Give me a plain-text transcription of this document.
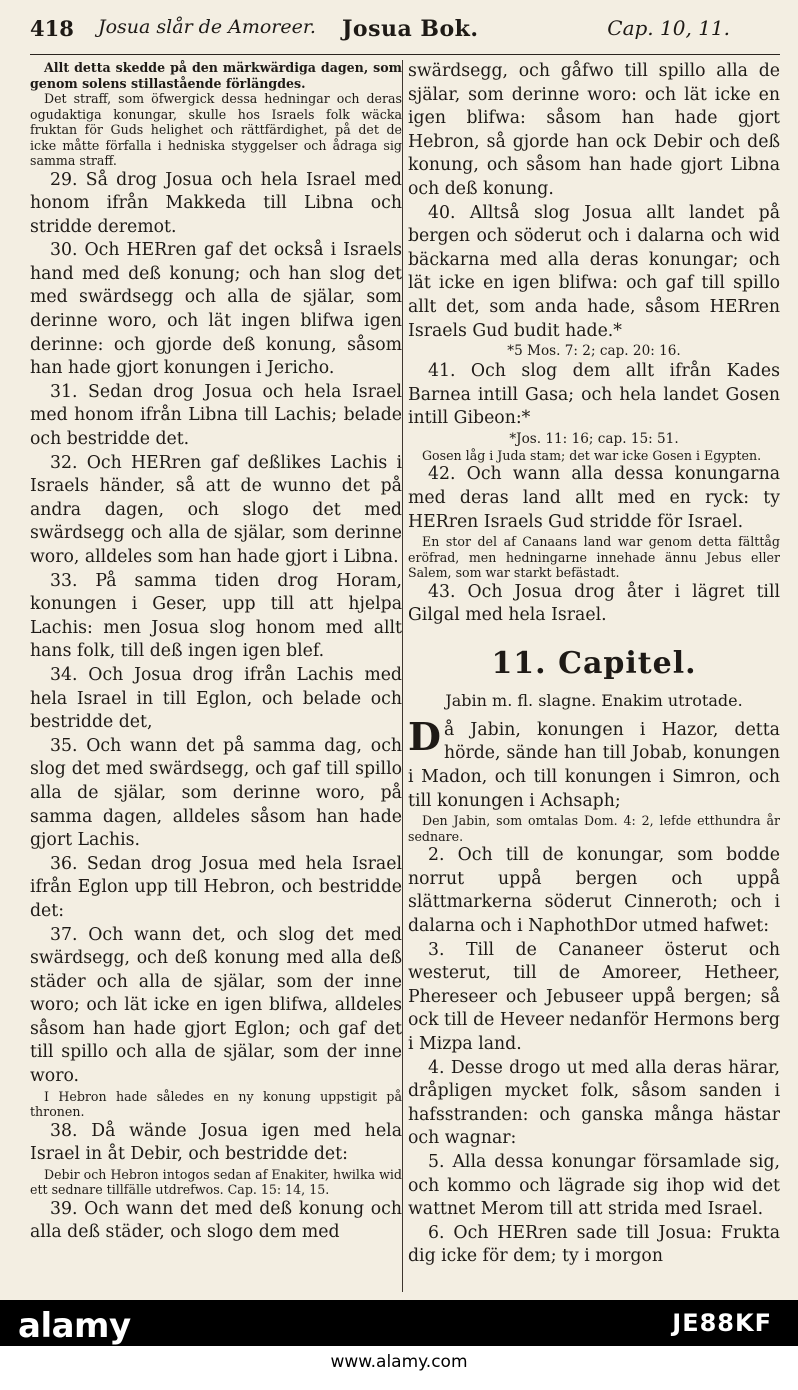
418 Josua slår de Amoreer. Josua Bok.	Cap. 10, 11.

Allt detta skedde på den märkwärdiga dagen, som genom solens stillastående förlängdes.

Det straff, som öfwergick dessa hedningar och deras ogudaktiga konungar, skulle hos Israels folk wäcka fruktan för Guds helighet och rättfärdighet, på det de icke måtte förfalla i hedniska styggelser och ådraga sig samma straff.

29. Så drog Josua och hela Israel med honom ifrån Makkeda till Libna och stridde deremot.

30. Och HERren gaf det också i Israels hand med deß konung; och han slog det med swärdsegg och alla de själar, som derinne woro, och lät ingen blifwa igen derinne: och gjorde deß konung, såsom han hade gjort konungen i Jericho.

31. Sedan drog Josua och hela Israel med honom ifrån Libna till Lachis; belade och bestridde det.

32. Och HERren gaf deßlikes Lachis i Israels händer, så att de wunno det på andra dagen, och slogo det med swärdsegg och alla de själar, som derinne woro, alldeles som han hade gjort i Libna.

33. På samma tiden drog Horam, konungen i Geser, upp till att hjelpa Lachis: men Josua slog honom med allt hans folk, till deß ingen igen blef.

34. Och Josua drog ifrån Lachis med hela Israel in till Eglon, och belade och bestridde det,

35. Och wann det på samma dag, och slog det med swärdsegg, och gaf till spillo alla de själar, som derinne woro, på samma dagen, alldeles såsom han hade gjort Lachis.

36. Sedan drog Josua med hela Israel ifrån Eglon upp till Hebron, och bestridde det:

37. Och wann det, och slog det med swärdsegg, och deß konung med alla deß städer och alla de själar, som der inne woro; och lät icke en igen blifwa, alldeles såsom han hade gjort Eglon; och gaf det till spillo och alla de själar, som der inne woro.

I Hebron hade således en ny konung uppstigit på thronen.

38. Då wände Josua igen med hela Israel in åt Debir, och bestridde det:

Debir och Hebron intogos sedan af Enakiter, hwilka wid ett sednare tillfälle utdrefwos. Cap. 15: 14, 15.

39. Och wann det med deß konung och alla deß städer, och slogo dem med

swärdsegg, och gåfwo till spillo alla de själar, som derinne woro: och lät icke en igen blifwa: såsom han hade gjort Hebron, så gjorde han ock Debir och deß konung, och såsom han hade gjort Libna och deß konung.

40. Alltså slog Josua allt landet på bergen och söderut och i dalarna och wid bäckarna med alla deras konungar; och lät icke en igen blifwa: och gaf till spillo allt det, som anda hade, såsom HERren Israels Gud budit hade.*

*5 Mos. 7: 2; cap. 20: 16.

41. Och slog dem allt ifrån Kades Barnea intill Gasa; och hela landet Gosen intill Gibeon:*

*Jos. 11: 16; cap. 15: 51.

Gosen låg i Juda stam; det war icke Gosen i Egypten.

42. Och wann alla dessa konungarna med deras land allt med en ryck: ty HERren Israels Gud stridde för Israel.

En stor del af Canaans land war genom detta fälttåg eröfrad, men hedningarne innehade ännu Jebus eller Salem, som war starkt befästadt.

43. Och Josua drog åter i lägret till Gilgal med hela Israel.

11. Capitel.
Jabin m. fl. slagne. Enakim utrotade.

Då Jabin, konungen i Hazor, detta hörde, sände han till Jobab, konungen i Madon, och till konungen i Simron, och till konungen i Achsaph;

Den Jabin, som omtalas Dom. 4: 2, lefde etthundra år sednare.

2. Och till de konungar, som bodde norrut uppå bergen och uppå slättmarkerna söderut Cinneroth; och i dalarna och i NaphothDor utmed hafwet:

3. Till de Cananeer österut och westerut, till de Amoreer, Hetheer, Phereseer och Jebuseer uppå bergen; så ock till de Heveer nedanför Hermons berg i Mizpa land.

4. Desse drogo ut med alla deras härar, dråpligen mycket folk, såsom sanden i hafsstranden: och ganska många hästar och wagnar:

5. Alla dessa konungar församlade sig, och kommo och lägrade sig ihop wid det wattnet Merom till att strida med Israel.

6. Och HERren sade till Josua: Frukta dig icke för dem; ty i morgon

alamy	JE88KF
www.alamy.com
